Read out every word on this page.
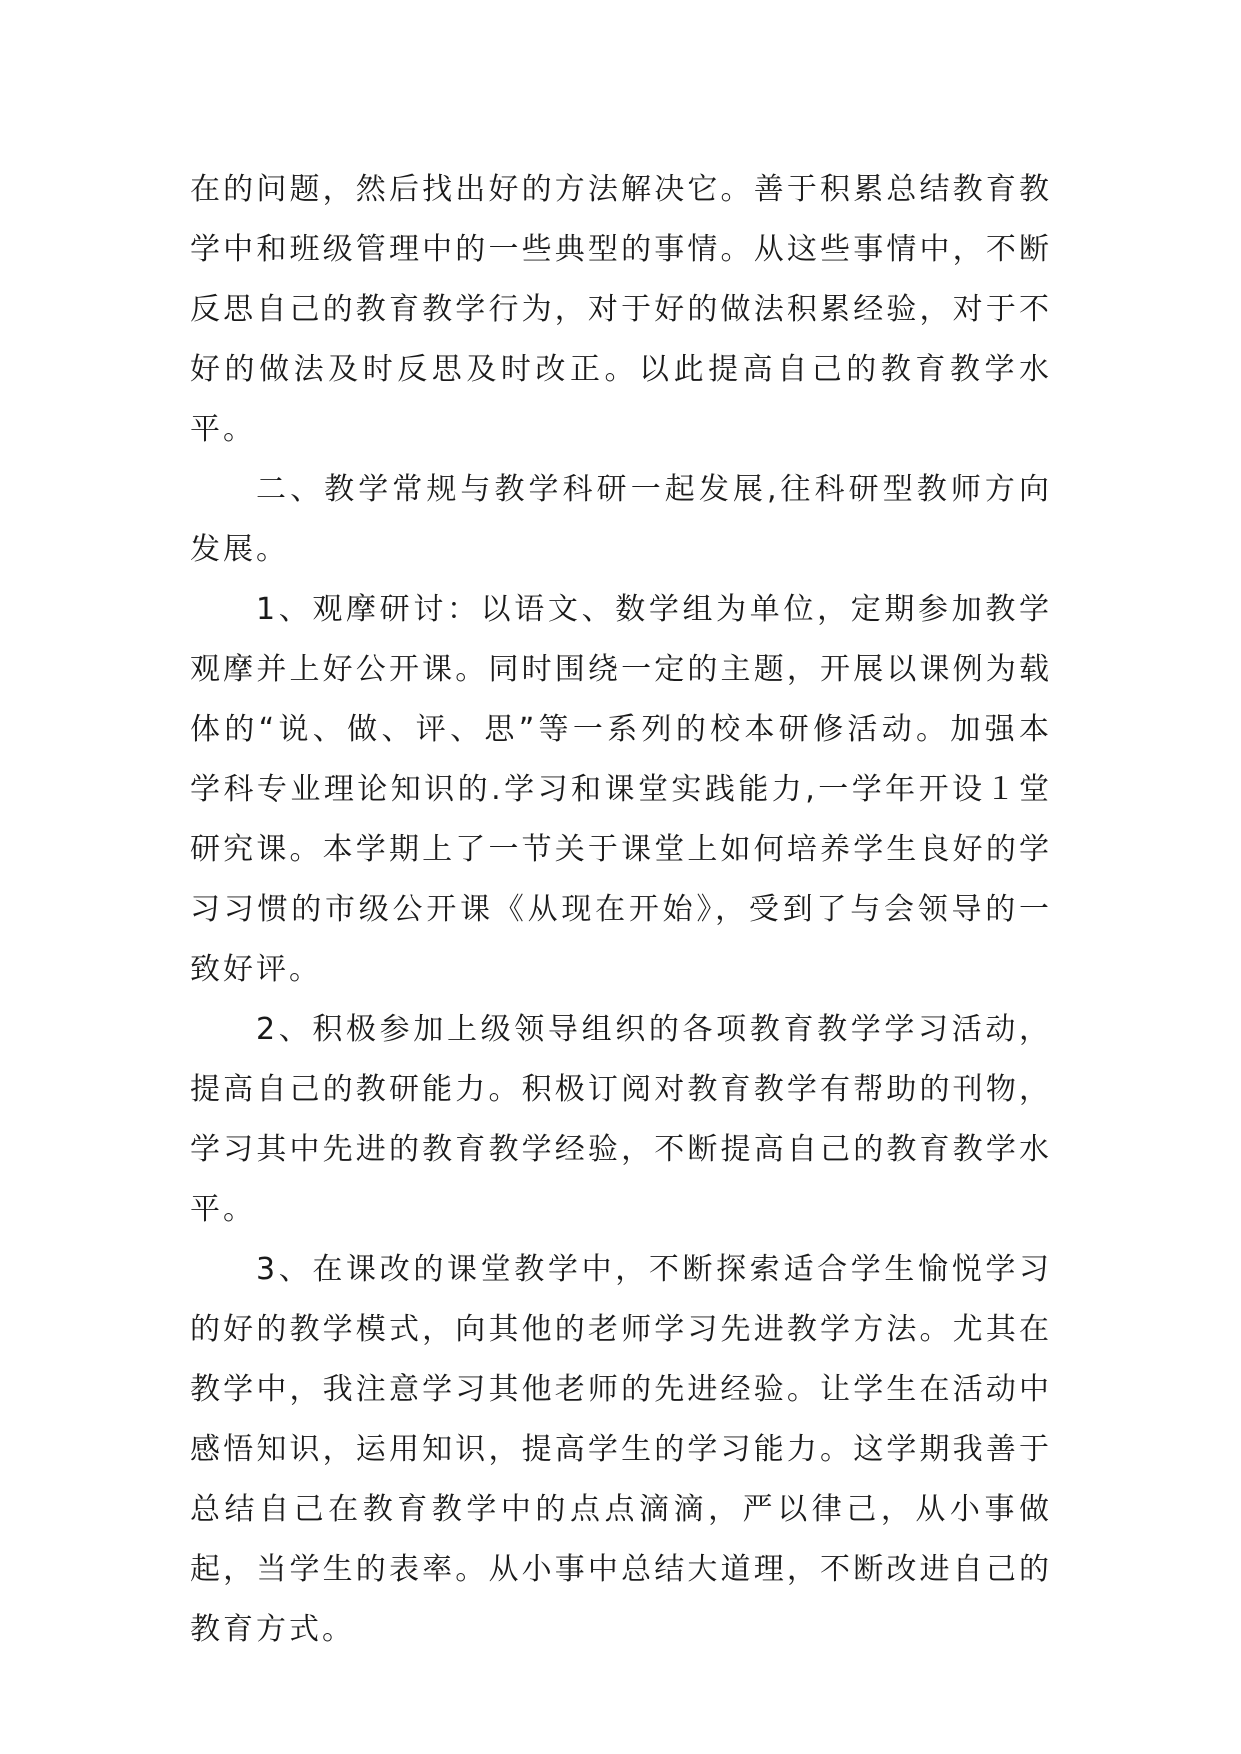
在的问题，然后找出好的方法解决它。善于积累总结教育教学中和班级管理中的一些典型的事情。从这些事情中，不断反思自己的教育教学行为，对于好的做法积累经验，对于不好的做法及时反思及时改正。以此提高自己的教育教学水平。

二、教学常规与教学科研一起发展,往科研型教师方向发展。

1、观摩研讨：以语文、数学组为单位，定期参加教学观摩并上好公开课。同时围绕一定的主题，开展以课例为载体的“说、做、评、思”等一系列的校本研修活动。加强本学科专业理论知识的.学习和课堂实践能力,一学年开设１堂研究课。本学期上了一节关于课堂上如何培养学生良好的学习习惯的市级公开课《从现在开始》，受到了与会领导的一致好评。

2、积极参加上级领导组织的各项教育教学学习活动，提高自己的教研能力。积极订阅对教育教学有帮助的刊物，学习其中先进的教育教学经验，不断提高自己的教育教学水平。

3、在课改的课堂教学中，不断探索适合学生愉悦学习的好的教学模式，向其他的老师学习先进教学方法。尤其在教学中，我注意学习其他老师的先进经验。让学生在活动中感悟知识，运用知识，提高学生的学习能力。这学期我善于总结自己在教育教学中的点点滴滴，严以律己，从小事做起，当学生的表率。从小事中总结大道理，不断改进自己的教育方式。
